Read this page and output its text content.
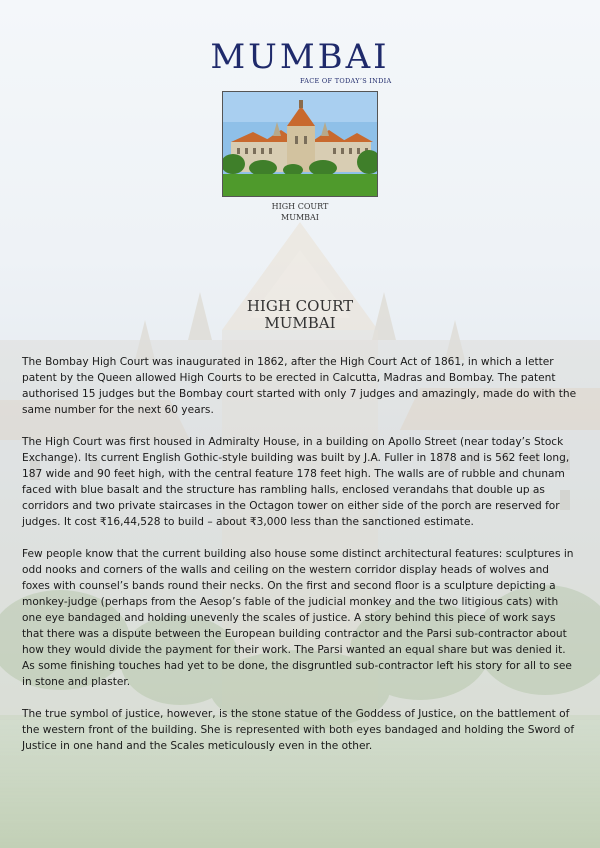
MUMBAI
FACE OF TODAY’S INDIA
HIGH COURT
MUMBAI
HIGH COURT
MUMBAI

The Bombay High Court was inaugurated in 1862, after the High Court Act of 1861, in which a letter patent by the Queen allowed High Courts to be erected in Calcutta, Madras and Bombay. The patent authorised 15 judges but the Bombay court started with only 7 judges and amazingly, made do with the same number for the next 60 years.

The High Court was first housed in Admiralty House, in a building on Apollo Street (near today’s Stock Exchange). Its current English Gothic-style building was built by J.A. Fuller in 1878 and is 562 feet long, 187 wide and 90 feet high, with the central feature 178 feet high. The walls are of rubble and chunam faced with blue basalt and the structure has rambling halls, enclosed verandahs that double up as corridors and two private staircases in the Octagon tower on either side of the porch are reserved for judges. It cost ₹16,44,528 to build – about ₹3,000 less than the sanctioned estimate.

Few people know that the current building also house some distinct architectural features: sculptures in odd nooks and corners of the walls and ceiling on the western corridor display heads of wolves and foxes with counsel’s bands round their necks. On the first and second floor is a sculpture depicting a monkey-judge (perhaps from the Aesop’s fable of the judicial monkey and the two litigious cats) with one eye bandaged and holding unevenly the scales of justice. A story behind this piece of work says that there was a dispute between the European building contractor and the Parsi sub-contractor about how they would divide the payment for their work. The Parsi wanted an equal share but was denied it. As some finishing touches had yet to be done, the disgruntled sub-contractor left his story for all to see in stone and plaster.

The true symbol of justice, however, is the stone statue of the Goddess of Justice, on the battlement of the western front of the building. She is represented with both eyes bandaged and holding the Sword of Justice in one hand and the Scales meticulously even in the other.
